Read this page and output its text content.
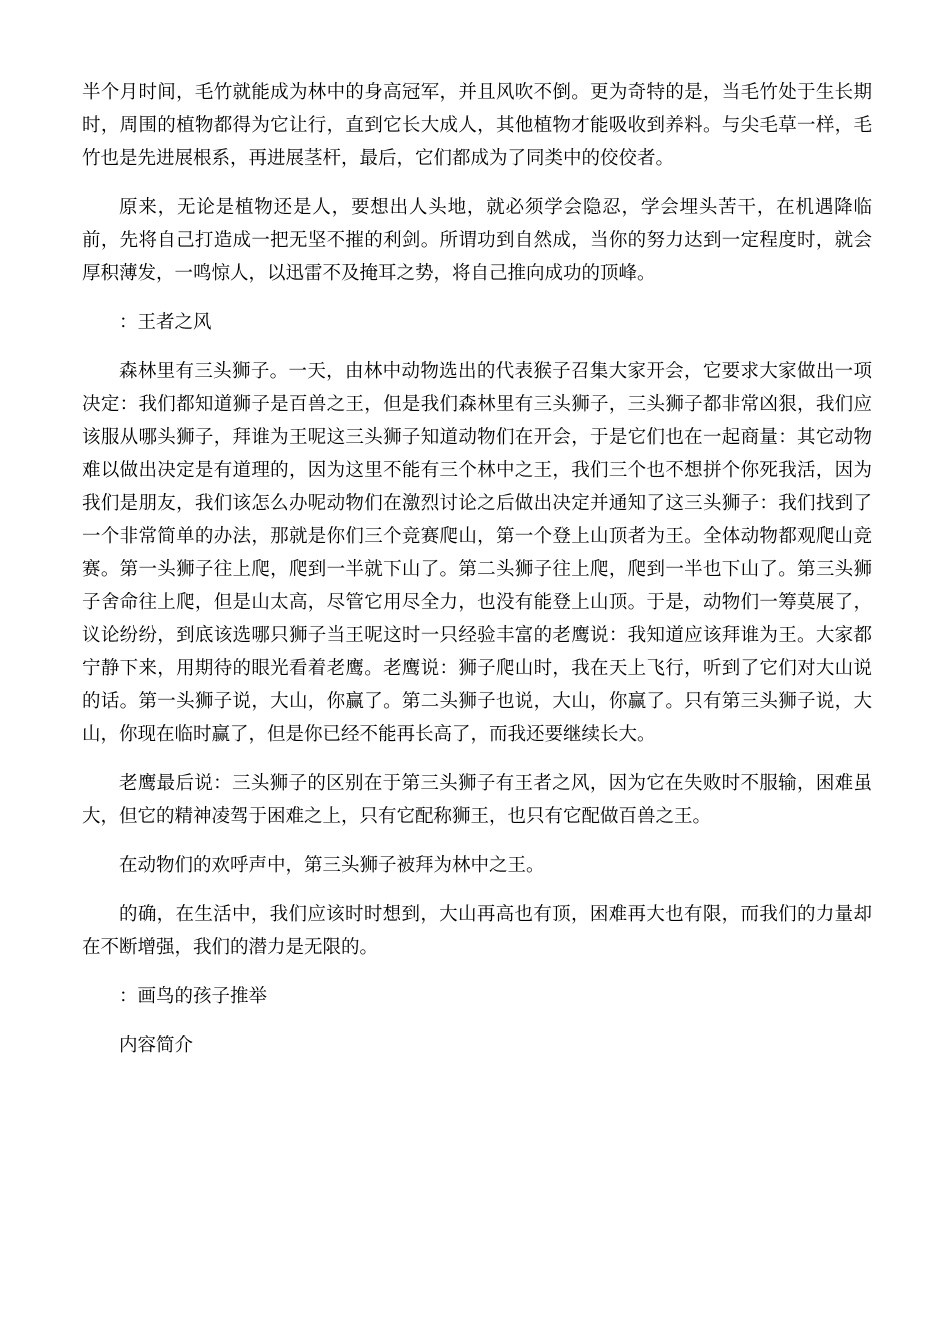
半个月时间，毛竹就能成为林中的身高冠军，并且风吹不倒。更为奇特的是，当毛竹处于生长期时，周围的植物都得为它让行，直到它长大成人，其他植物才能吸收到养料。与尖毛草一样，毛竹也是先进展根系，再进展茎杆，最后，它们都成为了同类中的佼佼者。

原来，无论是植物还是人，要想出人头地，就必须学会隐忍，学会埋头苦干，在机遇降临前，先将自己打造成一把无坚不摧的利剑。所谓功到自然成，当你的努力达到一定程度时，就会厚积薄发，一鸣惊人，以迅雷不及掩耳之势，将自己推向成功的顶峰。

：王者之风

森林里有三头狮子。一天，由林中动物选出的代表猴子召集大家开会，它要求大家做出一项决定：我们都知道狮子是百兽之王，但是我们森林里有三头狮子，三头狮子都非常凶狠，我们应该服从哪头狮子，拜谁为王呢这三头狮子知道动物们在开会，于是它们也在一起商量：其它动物难以做出决定是有道理的，因为这里不能有三个林中之王，我们三个也不想拼个你死我活，因为我们是朋友，我们该怎么办呢动物们在激烈讨论之后做出决定并通知了这三头狮子：我们找到了一个非常简单的办法，那就是你们三个竞赛爬山，第一个登上山顶者为王。全体动物都观爬山竞赛。第一头狮子往上爬，爬到一半就下山了。第二头狮子往上爬，爬到一半也下山了。第三头狮子舍命往上爬，但是山太高，尽管它用尽全力，也没有能登上山顶。于是，动物们一筹莫展了，议论纷纷，到底该选哪只狮子当王呢这时一只经验丰富的老鹰说：我知道应该拜谁为王。大家都宁静下来，用期待的眼光看着老鹰。老鹰说：狮子爬山时，我在天上飞行，听到了它们对大山说的话。第一头狮子说，大山，你赢了。第二头狮子也说，大山，你赢了。只有第三头狮子说，大山，你现在临时赢了，但是你已经不能再长高了，而我还要继续长大。

老鹰最后说：三头狮子的区别在于第三头狮子有王者之风，因为它在失败时不服输，困难虽大，但它的精神凌驾于困难之上，只有它配称狮王，也只有它配做百兽之王。

在动物们的欢呼声中，第三头狮子被拜为林中之王。

的确，在生活中，我们应该时时想到，大山再高也有顶，困难再大也有限，而我们的力量却在不断增强，我们的潜力是无限的。

：画鸟的孩子推举

内容简介
